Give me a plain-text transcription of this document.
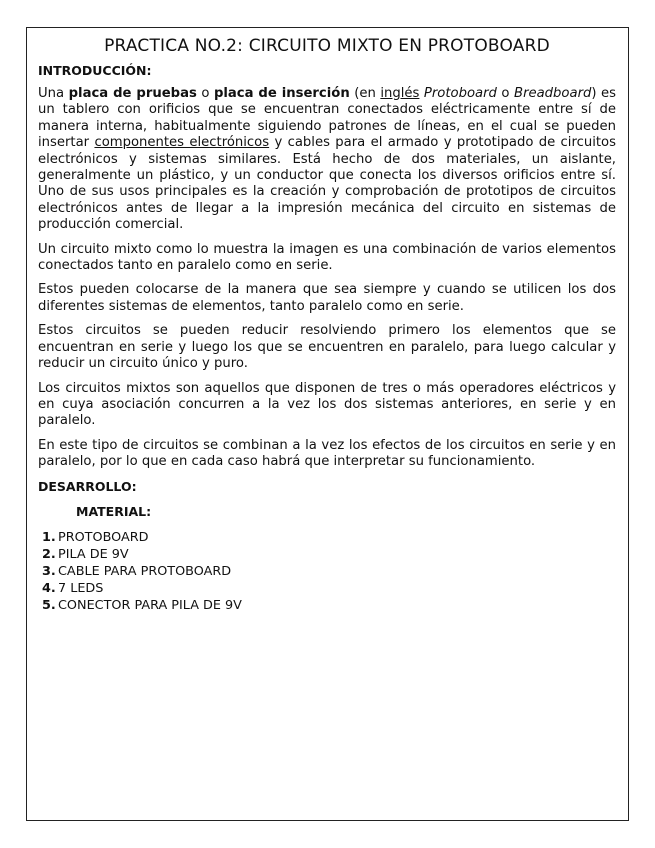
PRACTICA NO.2: CIRCUITO MIXTO EN PROTOBOARD
INTRODUCCIÓN:

Una placa de pruebas o placa de inserción (en inglés Protoboard o Breadboard) es un tablero con orificios que se encuentran conectados eléctricamente entre sí de manera interna, habitualmente siguiendo patrones de líneas, en el cual se pueden insertar componentes electrónicos y cables para el armado y prototipado de circuitos electrónicos y sistemas similares. Está hecho de dos materiales, un aislante, generalmente un plástico, y un conductor que conecta los diversos orificios entre sí. Uno de sus usos principales es la creación y comprobación de prototipos de circuitos electrónicos antes de llegar a la impresión mecánica del circuito en sistemas de producción comercial.

Un circuito mixto como lo muestra la imagen es una combinación de varios elementos conectados tanto en paralelo como en serie.

Estos pueden colocarse de la manera que sea siempre y cuando se utilicen los dos diferentes sistemas de elementos, tanto paralelo como en serie.

Estos circuitos se pueden reducir resolviendo primero los elementos que se encuentran en serie y luego los que se encuentren en paralelo, para luego calcular y reducir un circuito único y puro.

Los circuitos mixtos son aquellos que disponen de tres o más operadores eléctricos y en cuya asociación concurren a la vez los dos sistemas anteriores, en serie y en paralelo.

En este tipo de circuitos se combinan a la vez los efectos de los circuitos en serie y en paralelo, por lo que en cada caso habrá que interpretar su funcionamiento.

DESARROLLO:
MATERIAL:
1. PROTOBOARD
2. PILA DE 9V
3. CABLE PARA PROTOBOARD
4. 7 LEDS
5. CONECTOR PARA PILA DE 9V
